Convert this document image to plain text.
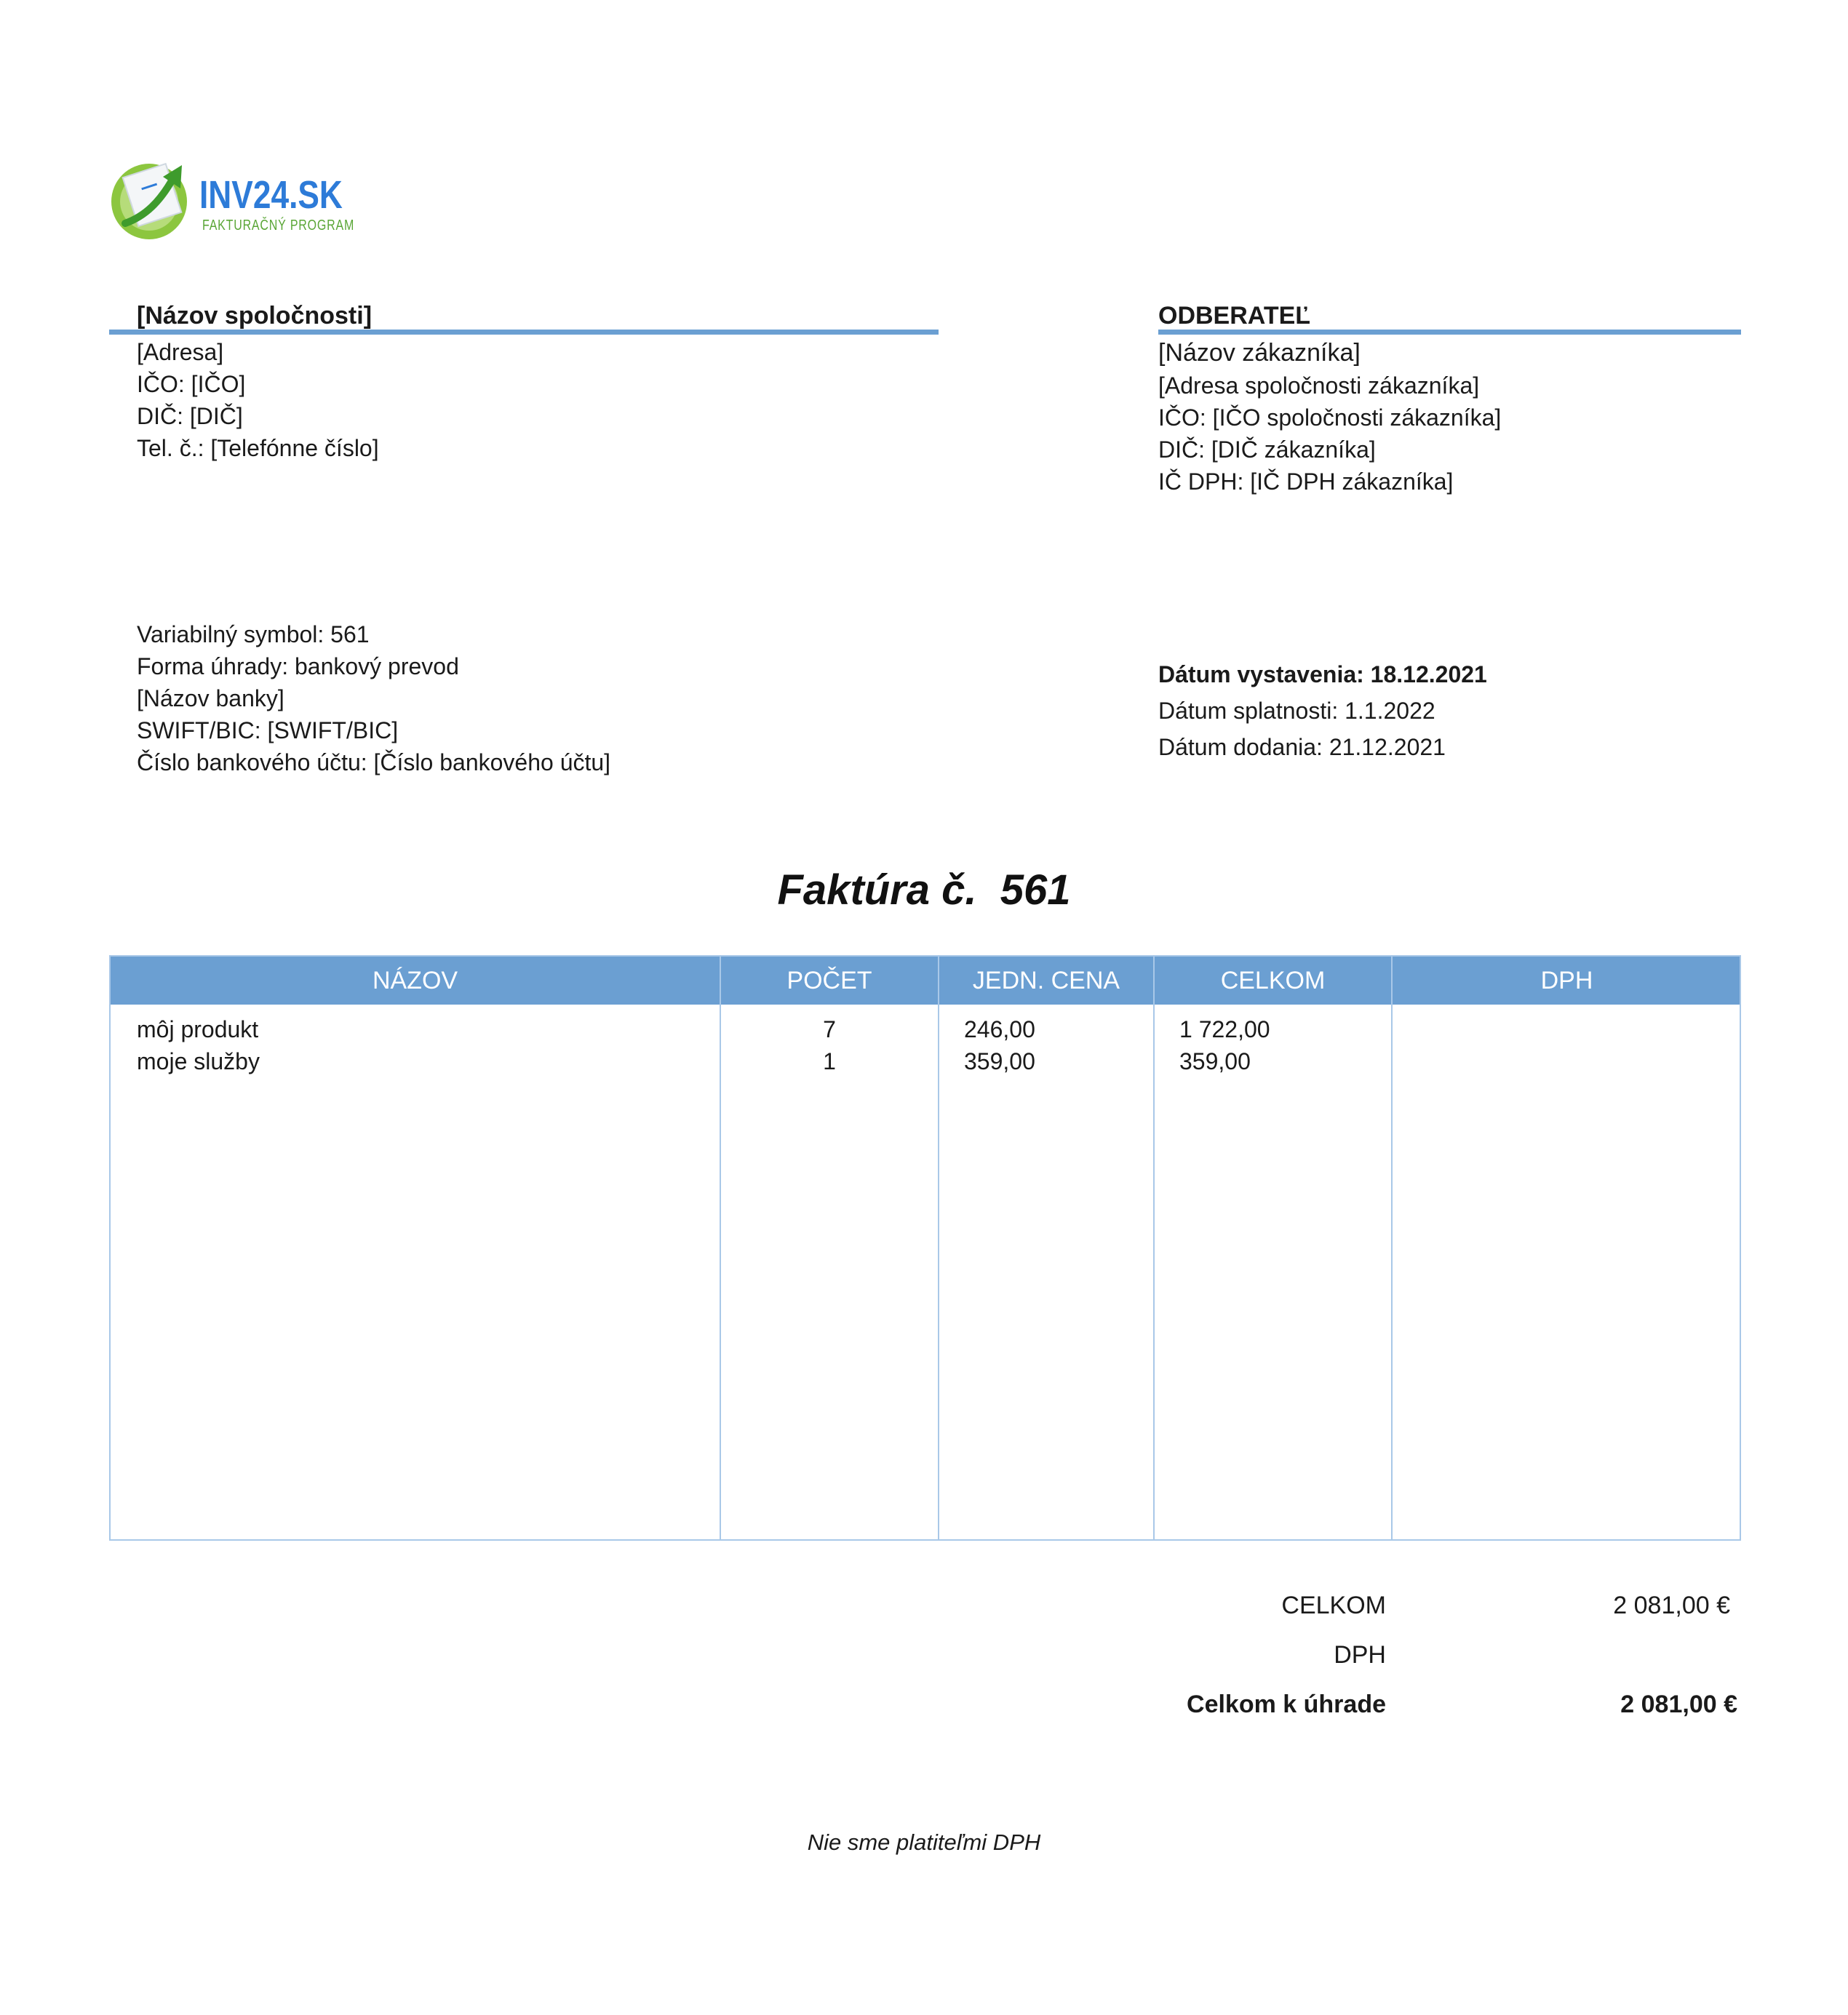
INV24.SK
FAKTURAČNÝ PROGRAM
[Názov spoločnosti]
[Adresa]
IČO: [IČO]
DIČ: [DIČ]
Tel. č.: [Telefónne číslo]
ODBERATEĽ
[Názov zákazníka]
[Adresa spoločnosti zákazníka]
IČO: [IČO spoločnosti zákazníka]
DIČ: [DIČ zákazníka]
IČ DPH: [IČ DPH zákazníka]
Variabilný symbol: 561
Forma úhrady: bankový prevod
[Názov banky]
SWIFT/BIC: [SWIFT/BIC]
Číslo bankového účtu: [Číslo bankového účtu]
Dátum vystavenia: 18.12.2021
Dátum splatnosti: 1.1.2022
Dátum dodania: 21.12.2021
Faktúra č.  561
NÁZOV	POČET	JEDN. CENA	CELKOM	DPH
môj produkt	7	246,00	1 722,00
moje služby	1	359,00	359,00
CELKOM	2 081,00 €
DPH
Celkom k úhrade	2 081,00 €
Nie sme platiteľmi DPH
